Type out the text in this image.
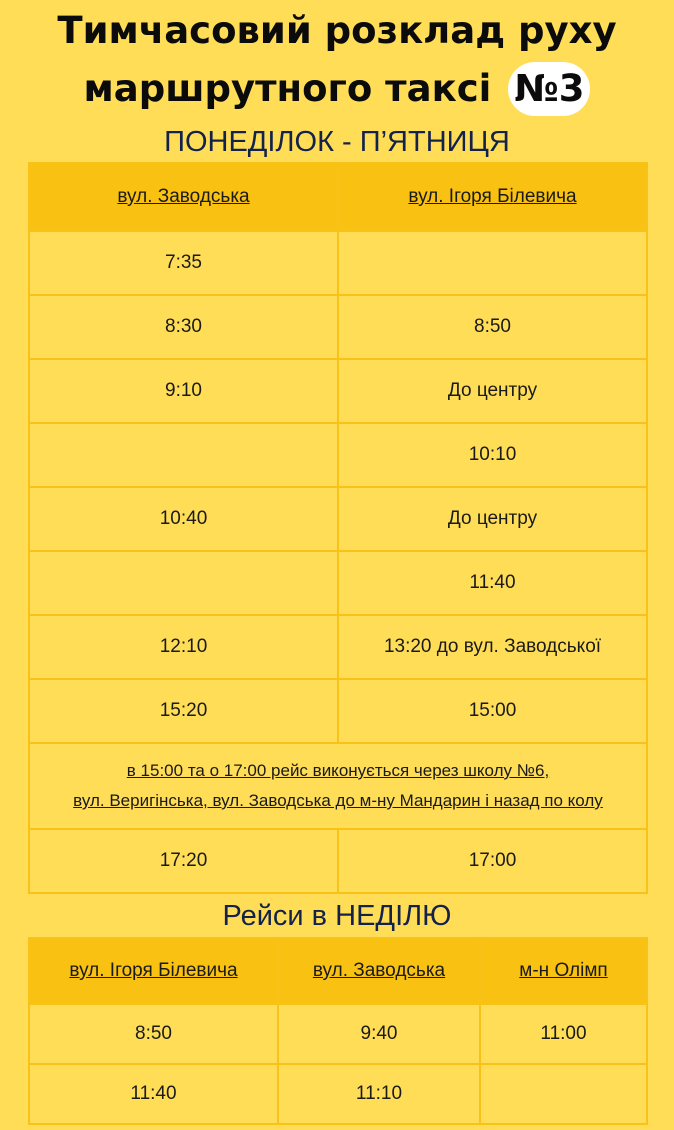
Тимчасовий розклад руху
маршрутного таксі №3
ПОНЕДІЛОК - П’ЯТНИЦЯ
вул. Заводська	вул. Ігоря Білевича
7:35	
8:30	8:50
9:10	До центру
	10:10
10:40	До центру
	11:40
12:10	13:20 до вул. Заводської
15:20	15:00

в 15:00 та о 17:00 рейс виконується через школу №6,
вул. Веригінська, вул. Заводська до м-ну Мандарин і назад по колу	

17:20	17:00
Рейси в НЕДІЛЮ
вул. Ігоря Білевича	вул. Заводська	м-н Олімп
8:50	9:40	11:00
11:40	11:10	
